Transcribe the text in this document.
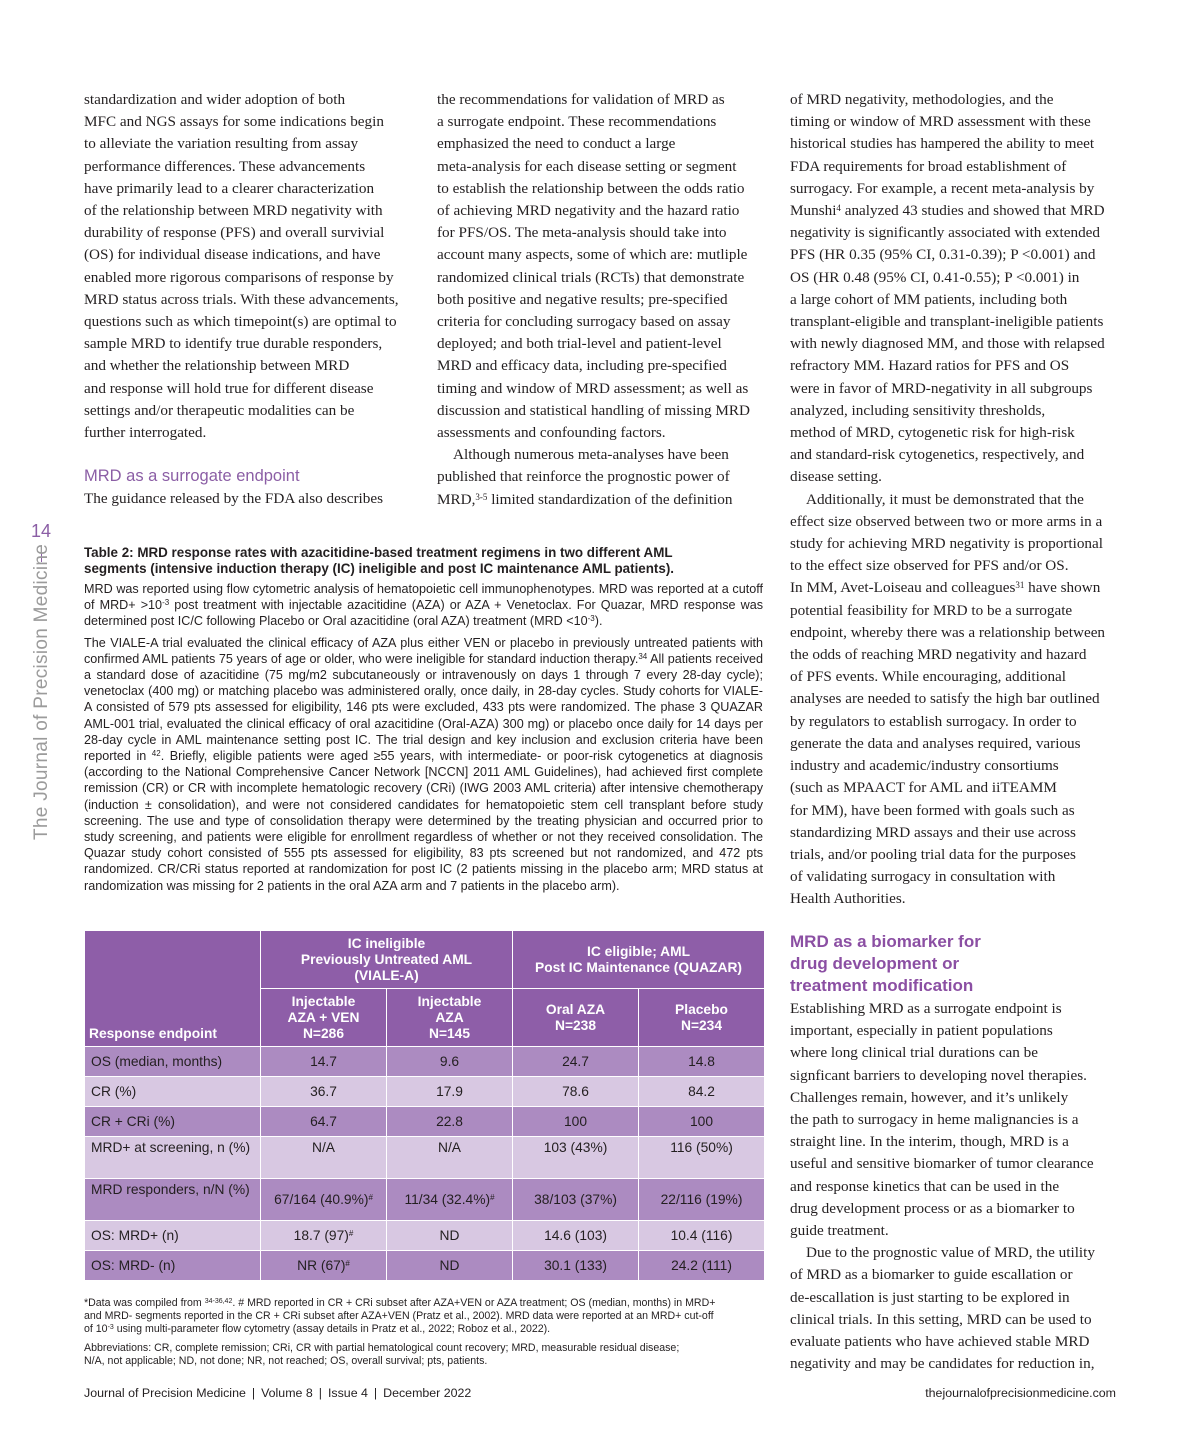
14
The Journal of Precision Medicine
standardization and wider adoption of both
MFC and NGS assays for some indications begin
to alleviate the variation resulting from assay
performance differences. These advancements
have primarily lead to a clearer characterization
of the relationship between MRD negativity with
durability of response (PFS) and overall survivial
(OS) for individual disease indications, and have
enabled more rigorous comparisons of response by
MRD status across trials. With these advancements,
questions such as which timepoint(s) are optimal to
sample MRD to identify true durable responders,
and whether the relationship between MRD
and response will hold true for different disease
settings and/or therapeutic modalities can be
further interrogated.
MRD as a surrogate endpoint
The guidance released by the FDA also describes
the recommendations for validation of MRD as
a surrogate endpoint. These recommendations
emphasized the need to conduct a large
meta-analysis for each disease setting or segment
to establish the relationship between the odds ratio
of achieving MRD negativity and the hazard ratio
for PFS/OS. The meta-analysis should take into
account many aspects, some of which are: mutliple
randomized clinical trials (RCTs) that demonstrate
both positive and negative results; pre-specified
criteria for concluding surrogacy based on assay
deployed; and both trial-level and patient-level
MRD and efficacy data, including pre-specified
timing and window of MRD assessment; as well as
discussion and statistical handling of missing MRD
assessments and confounding factors.
Although numerous meta-analyses have been
published that reinforce the prognostic power of
MRD,$^{3-5}$ limited standardization of the definition
of MRD negativity, methodologies, and the
timing or window of MRD assessment with these
historical studies has hampered the ability to meet
FDA requirements for broad establishment of
surrogacy. For example, a recent meta-analysis by
Munshi$^4$ analyzed 43 studies and showed that MRD
negativity is significantly associated with extended
PFS (HR 0.35 (95% CI, 0.31-0.39); P <0.001) and
OS (HR 0.48 (95% CI, 0.41-0.55); P <0.001) in
a large cohort of MM patients, including both
transplant-eligible and transplant-ineligible patients
with newly diagnosed MM, and those with relapsed
refractory MM. Hazard ratios for PFS and OS
were in favor of MRD-negativity in all subgroups
analyzed, including sensitivity thresholds,
method of MRD, cytogenetic risk for high-risk
and standard-risk cytogenetics, respectively, and
disease setting.
Additionally, it must be demonstrated that the
effect size observed between two or more arms in a
study for achieving MRD negativity is proportional
to the effect size observed for PFS and/or OS.
In MM, Avet-Loiseau and colleagues$^{31}$ have shown
potential feasibility for MRD to be a surrogate
endpoint, whereby there was a relationship between
the odds of reaching MRD negativity and hazard
of PFS events. While encouraging, additional
analyses are needed to satisfy the high bar outlined
by regulators to establish surrogacy. In order to
generate the data and analyses required, various
industry and academic/industry consortiums
(such as MPAACT for AML and iiTEAMM
for MM), have been formed with goals such as
standardizing MRD assays and their use across
trials, and/or pooling trial data for the purposes
of validating surrogacy in consultation with
Health Authorities.
MRD as a biomarker for
drug development or
treatment modification
Establishing MRD as a surrogate endpoint is
important, especially in patient populations
where long clinical trial durations can be
signficant barriers to developing novel therapies.
Challenges remain, however, and it’s unlikely
the path to surrogacy in heme malignancies is a
straight line. In the interim, though, MRD is a
useful and sensitive biomarker of tumor clearance
and response kinetics that can be used in the
drug development process or as a biomarker to
guide treatment.
Due to the prognostic value of MRD, the utility
of MRD as a biomarker to guide escallation or
de-escallation is just starting to be explored in
clinical trials. In this setting, MRD can be used to
evaluate patients who have achieved stable MRD
negativity and may be candidates for reduction in,

Table 2: MRD response rates with azacitidine-based treatment regimens in two different AML
segments (intensive induction therapy (IC) ineligible and post IC maintenance AML patients).

MRD was reported using flow cytometric analysis of hematopoietic cell immunophenotypes. MRD was reported at a cutoff of $MRD+ >10^{-3}$ post treatment with injectable azacitidine (AZA) or AZA + Venetoclax. For Quazar, MRD response was determined post IC/C following Placebo or Oral azacitidine (oral AZA) treatment $(MRD <10^{-3})$.

The VIALE-A trial evaluated the clinical efficacy of AZA plus either VEN or placebo in previously untreated patients with confirmed AML patients 75 years of age or older, who were ineligible for standard induction therapy.$^{34}$ All patients received a standard dose of azacitidine (75 mg/m2 subcutaneously or intravenously on days 1 through 7 every 28-day cycle); venetoclax (400 mg) or matching placebo was administered orally, once daily, in 28-day cycles. Study cohorts for VIALE-A consisted of 579 pts assessed for eligibility, 146 pts were excluded, 433 pts were randomized. The phase 3 QUAZAR AML-001 trial, evaluated the clinical efficacy of oral azacitidine (Oral-AZA) 300 mg) or placebo once daily for 14 days per 28-day cycle in AML maintenance setting post IC. The trial design and key inclusion and exclusion criteria have been reported in $^{42}$. Briefly, eligible patients were aged ≥55 years, with intermediate- or poor-risk cytogenetics at diagnosis (according to the National Comprehensive Cancer Network [NCCN] 2011 AML Guidelines), had achieved first complete remission (CR) or CR with incomplete hematologic recovery (CRi) (IWG 2003 AML criteria) after intensive chemotherapy (induction ± consolidation), and were not considered candidates for hematopoietic stem cell transplant before study screening. The use and type of consolidation therapy were determined by the treating physician and occurred prior to study screening, and patients were eligible for enrollment regardless of whether or not they received consolidation. The Quazar study cohort consisted of 555 pts assessed for eligibility, 83 pts screened but not randomized, and 472 pts randomized. CR/CRi status reported at randomization for post IC (2 patients missing in the placebo arm; MRD status at randomization was missing for 2 patients in the oral AZA arm and 7 patients in the placebo arm).

Response endpoint	IC ineligible
Previously Untreated AML
(VIALE-A)		IC eligible; AML
Post IC Maintenance (QUAZAR)	
	Injectable
AZA + VEN
N=286	Injectable
AZA
N=145	Oral AZA
N=238	Placebo
N=234
OS (median, months)	14.7	9.6	24.7	14.8
CR (%)	36.7	17.9	78.6	84.2
CR + CRi (%)	64.7	22.8	100	100
MRD+ at screening, n (%)	N/A	N/A	103 (43%)	116 (50%)
MRD responders, n/N (%)	67/164 (40.9%)#	11/34 (32.4%)#	38/103 (37%)	22/116 (19%)
OS: MRD+ (n)	18.7 (97)#	ND	14.6 (103)	10.4 (116)
OS: MRD- (n)	NR (67)#	ND	30.1 (133)	24.2 (111)

*Data was compiled from $^{34-36,42}$. # MRD reported in CR + CRi subset after AZA+VEN or AZA treatment; OS (median, months) in MRD+

and MRD- segments reported in the CR + CRi subset after AZA+VEN (Pratz et al., 2002). MRD data were reported at an MRD+ cut-off

of $10^{-3}$ using multi-parameter flow cytometry (assay details in Pratz et al., 2022; Roboz et al., 2022).

Abbreviations: CR, complete remission; CRi, CR with partial hematological count recovery; MRD, measurable residual disease;

N/A, not applicable; ND, not done; NR, not reached; OS, overall survival; pts, patients.

Journal of Precision Medicine | Volume 8 | Issue 4 | December 2022	thejournalofprecisionmedicine.com
